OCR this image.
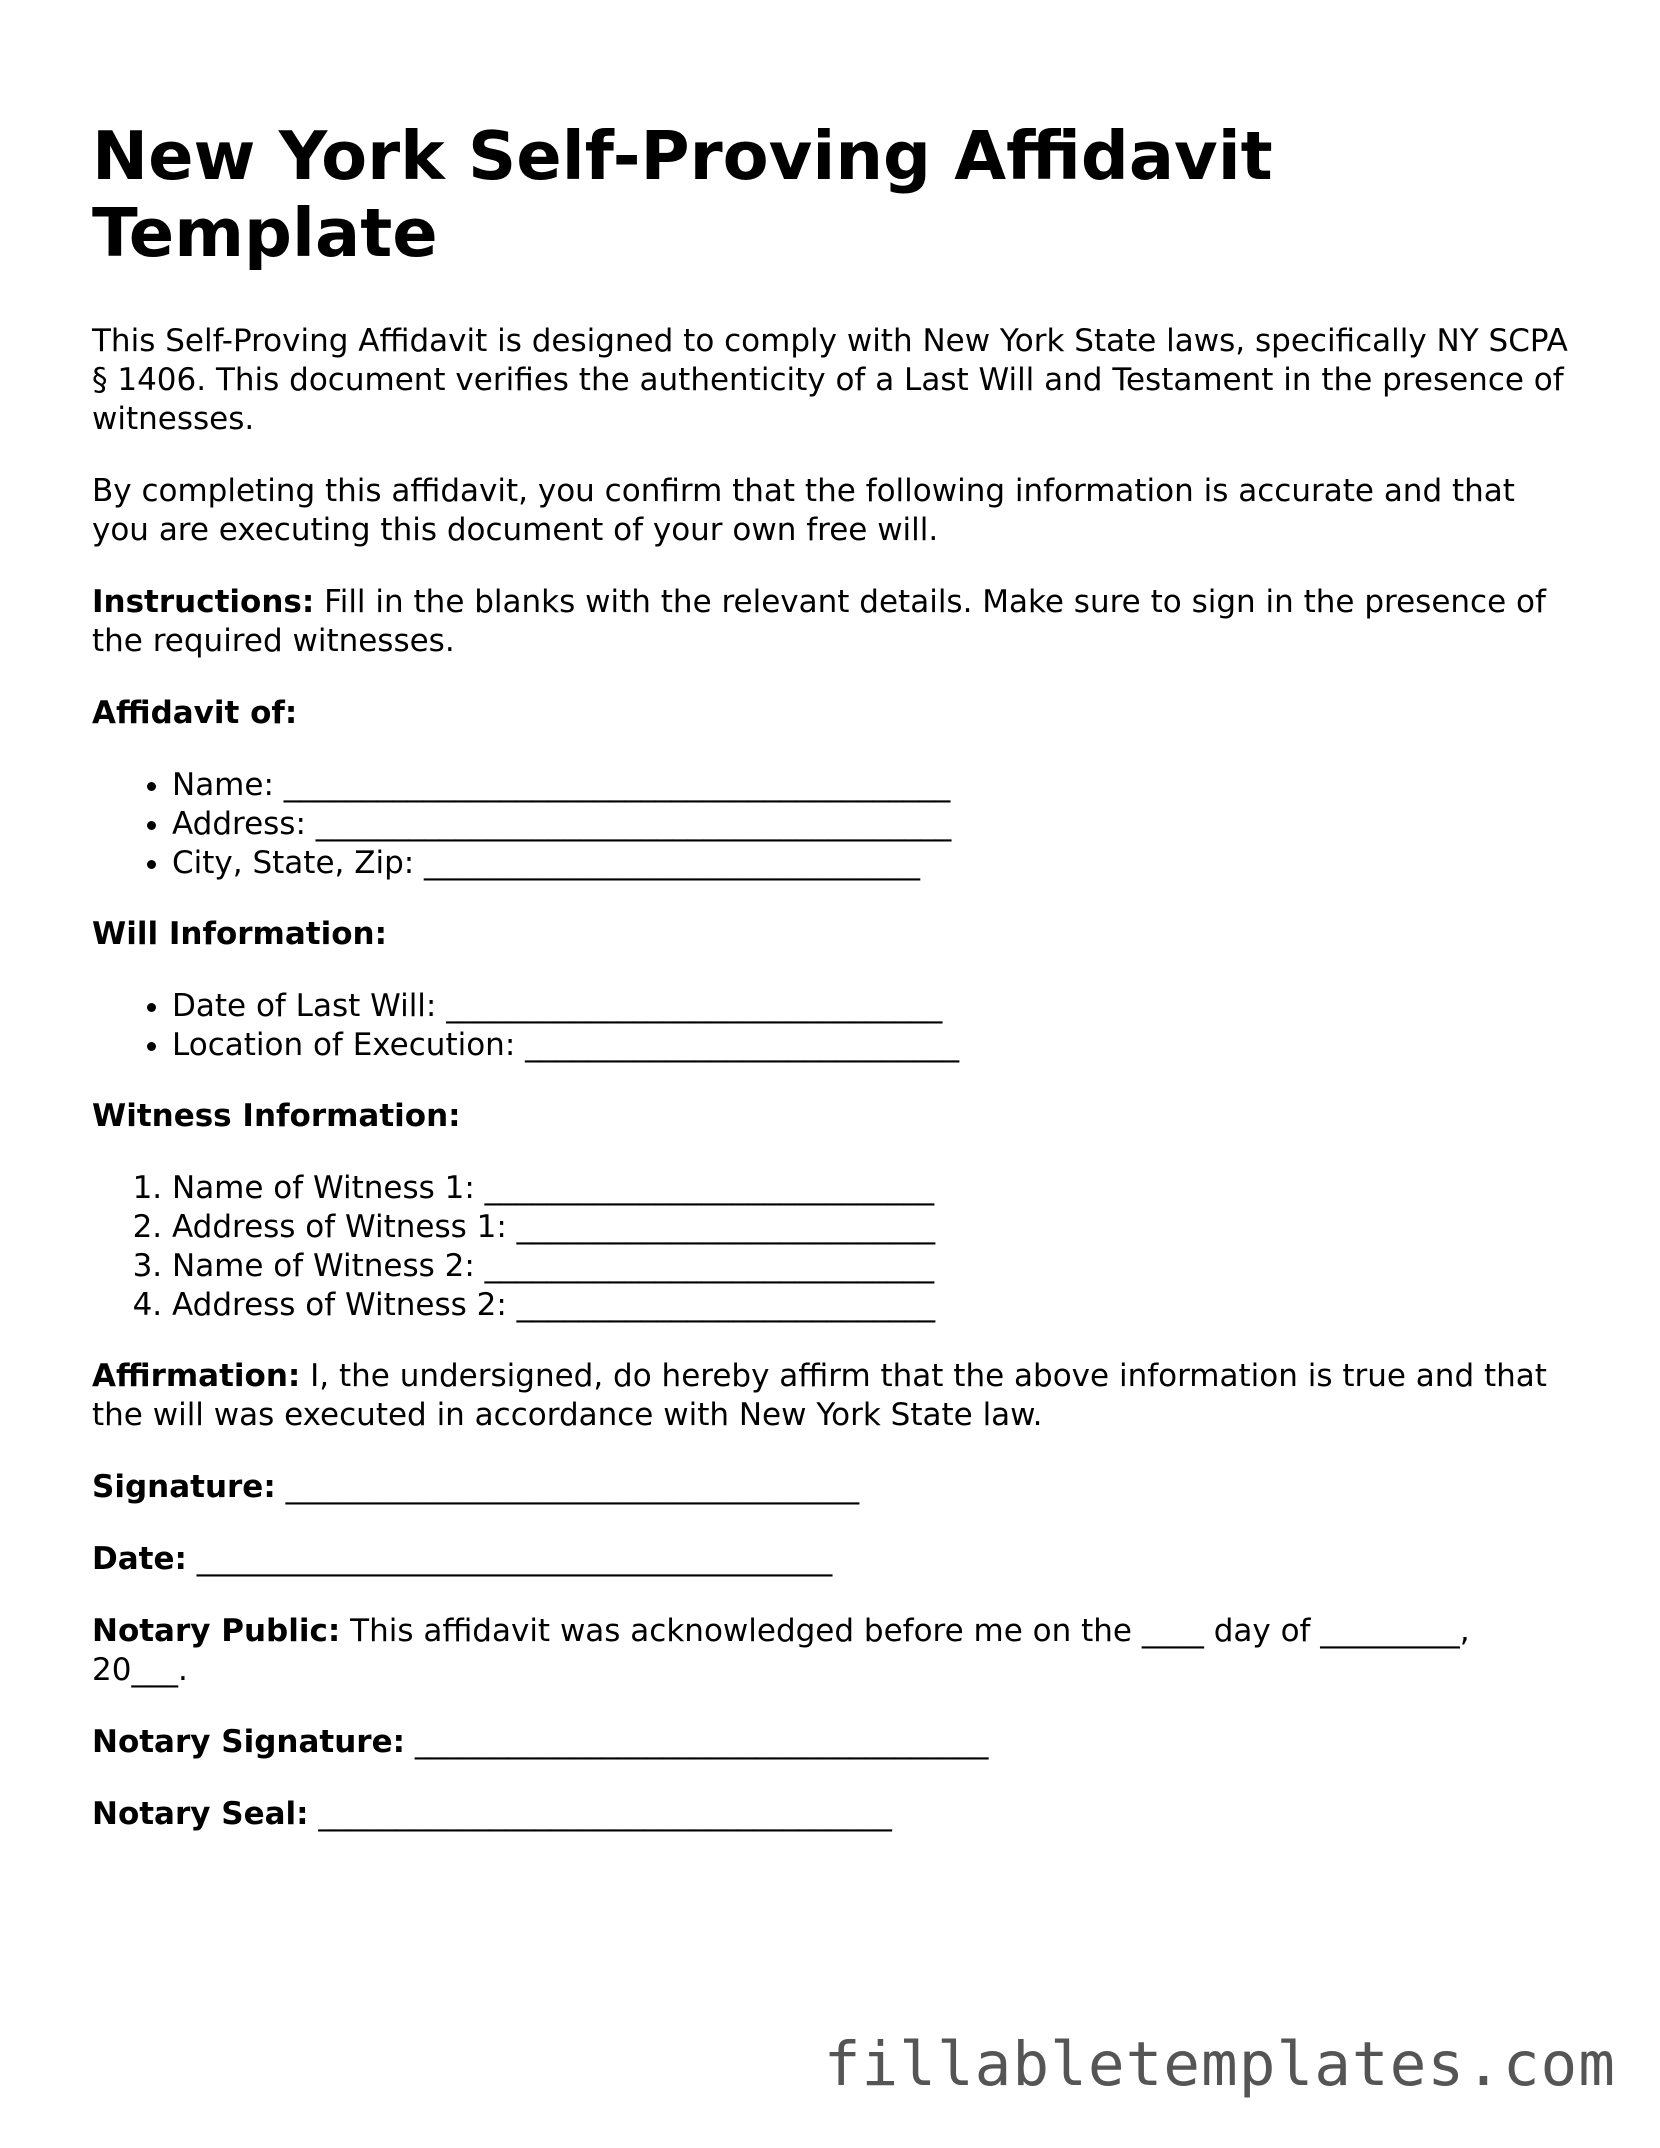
New York Self-Proving Affidavit Template

This Self-Proving Affidavit is designed to comply with New York State laws, specifically NY SCPA § 1406. This document verifies the authenticity of a Last Will and Testament in the presence of witnesses.

By completing this affidavit, you confirm that the following information is accurate and that you are executing this document of your own free will.

Instructions: Fill in the blanks with the relevant details. Make sure to sign in the presence of the required witnesses.

Affidavit of:

• Name: ___________________________________________
• Address: _________________________________________
• City, State, Zip: ________________________________

Will Information:

• Date of Last Will: ________________________________
• Location of Execution: ____________________________

Witness Information:

1. Name of Witness 1: _____________________________
2. Address of Witness 1: ___________________________
3. Name of Witness 2: _____________________________
4. Address of Witness 2: ___________________________

Affirmation: I, the undersigned, do hereby affirm that the above information is true and that the will was executed in accordance with New York State law.

Signature: _____________________________________

Date: _________________________________________

Notary Public: This affidavit was acknowledged before me on the ____ day of _________, 20___.

Notary Signature: _____________________________________

Notary Seal: _____________________________________

fillabletemplates.com
